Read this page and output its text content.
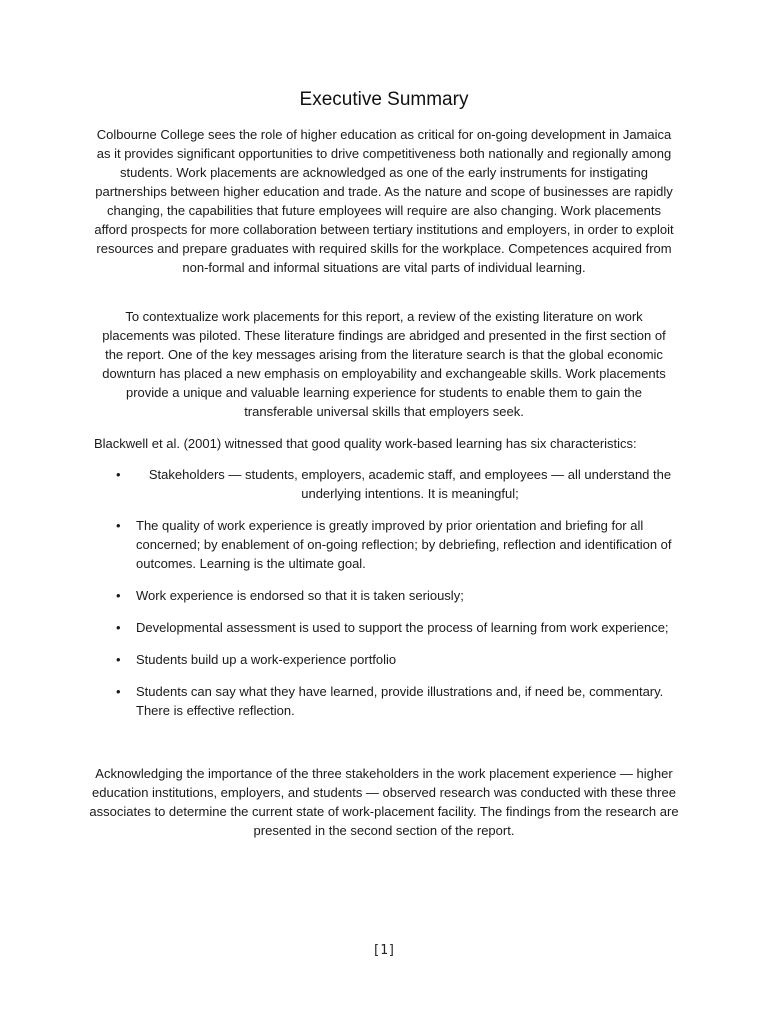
Executive Summary

Colbourne College sees the role of higher education as critical for on-going development in Jamaica as it provides significant opportunities to drive competitiveness both nationally and regionally among students. Work placements are acknowledged as one of the early instruments for instigating partnerships between higher education and trade. As the nature and scope of businesses are rapidly changing, the capabilities that future employees will require are also changing. Work placements afford prospects for more collaboration between tertiary institutions and employers, in order to exploit resources and prepare graduates with required skills for the workplace. Competences acquired from non-formal and informal situations are vital parts of individual learning.

To contextualize work placements for this report, a review of the existing literature on work placements was piloted. These literature findings are abridged and presented in the first section of the report. One of the key messages arising from the literature search is that the global economic downturn has placed a new emphasis on employability and exchangeable skills. Work placements provide a unique and valuable learning experience for students to enable them to gain the transferable universal skills that employers seek.

Blackwell et al. (2001) witnessed that good quality work-based learning has six characteristics:

•	Stakeholders — students, employers, academic staff, and employees — all understand the underlying intentions. It is meaningful;
• The quality of work experience is greatly improved by prior orientation and briefing for all concerned; by enablement of on-going reflection; by debriefing, reflection and identification of outcomes. Learning is the ultimate goal.
• Work experience is endorsed so that it is taken seriously;
• Developmental assessment is used to support the process of learning from work experience;
• Students build up a work-experience portfolio
• Students can say what they have learned, provide illustrations and, if need be, commentary. There is effective reflection.

Acknowledging the importance of the three stakeholders in the work placement experience — higher education institutions, employers, and students — observed research was conducted with these three associates to determine the current state of work-placement facility. The findings from the research are presented in the second section of the report.

[1]
